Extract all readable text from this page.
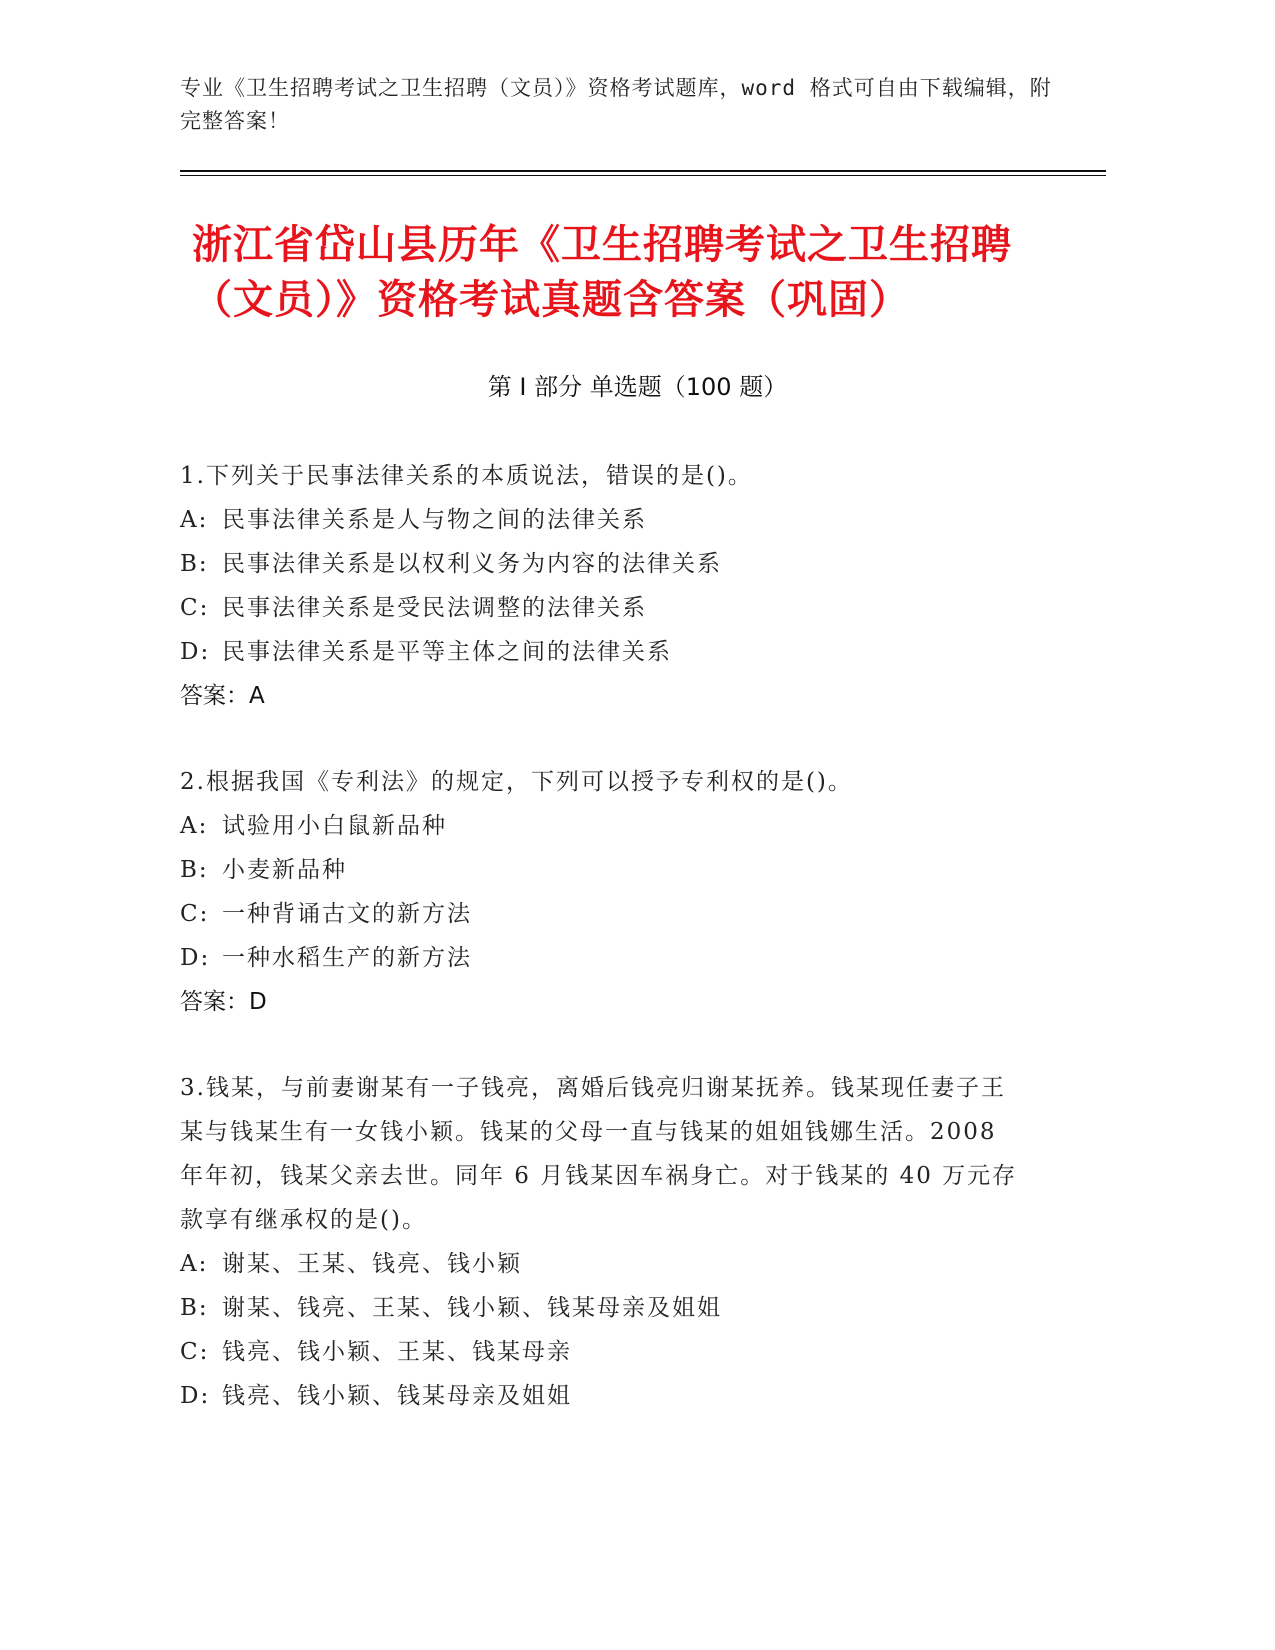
专业《卫生招聘考试之卫生招聘（文员）》资格考试题库，word 格式可自由下载编辑，附完整答案！
浙江省岱山县历年《卫生招聘考试之卫生招聘（文员）》资格考试真题含答案（巩固）
第 I 部分 单选题（100 题）

1.下列关于民事法律关系的本质说法，错误的是()。

A: 民事法律关系是人与物之间的法律关系
B: 民事法律关系是以权利义务为内容的法律关系
C: 民事法律关系是受民法调整的法律关系
D: 民事法律关系是平等主体之间的法律关系
答案：A

2.根据我国《专利法》的规定，下列可以授予专利权的是()。

A: 试验用小白鼠新品种
B: 小麦新品种
C: 一种背诵古文的新方法
D: 一种水稻生产的新方法
答案：D

3.钱某，与前妻谢某有一子钱亮，离婚后钱亮归谢某抚养。钱某现任妻子王某与钱某生有一女钱小颖。钱某的父母一直与钱某的姐姐钱娜生活。2008 年年初，钱某父亲去世。同年 6 月钱某因车祸身亡。对于钱某的 40 万元存款享有继承权的是()。

A: 谢某、王某、钱亮、钱小颖
B: 谢某、钱亮、王某、钱小颖、钱某母亲及姐姐
C: 钱亮、钱小颖、王某、钱某母亲
D: 钱亮、钱小颖、钱某母亲及姐姐
